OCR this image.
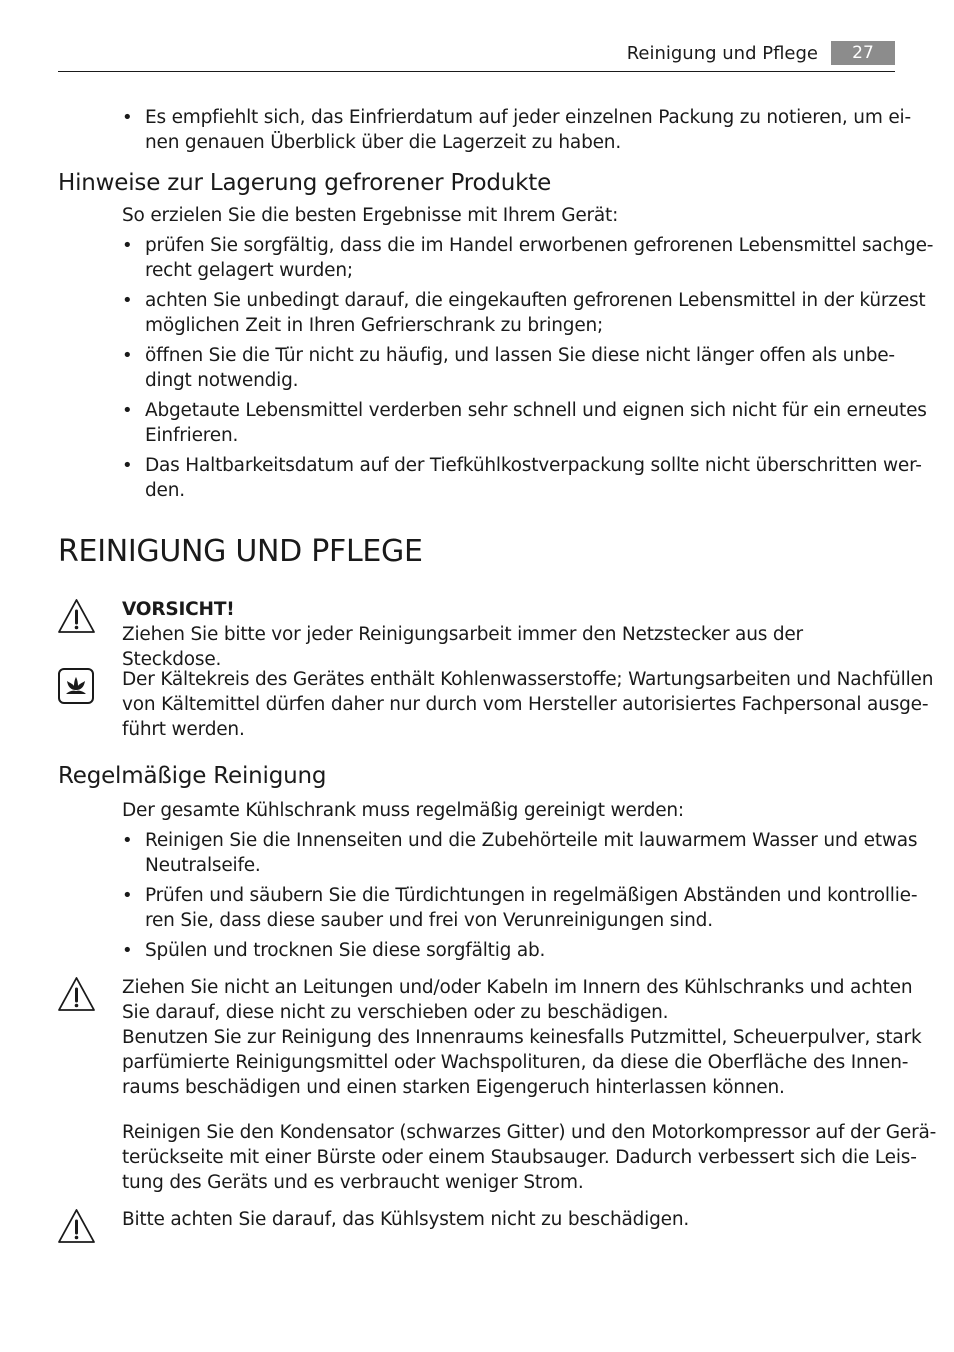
Reinigung und Pflege	27
• Es empfiehlt sich, das Einfrierdatum auf jeder einzelnen Packung zu notieren, um ei-
nen genauen Überblick über die Lagerzeit zu haben.
Hinweise zur Lagerung gefrorener Produkte

So erzielen Sie die besten Ergebnisse mit Ihrem Gerät:

• prüfen Sie sorgfältig, dass die im Handel erworbenen gefrorenen Lebensmittel sachge-
recht gelagert wurden;
• achten Sie unbedingt darauf, die eingekauften gefrorenen Lebensmittel in der kürzest
möglichen Zeit in Ihren Gefrierschrank zu bringen;
• öffnen Sie die Tür nicht zu häufig, und lassen Sie diese nicht länger offen als unbe-
dingt notwendig.
• Abgetaute Lebensmittel verderben sehr schnell und eignen sich nicht für ein erneutes
Einfrieren.
• Das Haltbarkeitsdatum auf der Tiefkühlkostverpackung sollte nicht überschritten wer-
den.
REINIGUNG UND PFLEGE

VORSICHT!

Ziehen Sie bitte vor jeder Reinigungsarbeit immer den Netzstecker aus der Steckdose.

Der Kältekreis des Gerätes enthält Kohlenwasserstoffe; Wartungsarbeiten und Nachfüllen
von Kältemittel dürfen daher nur durch vom Hersteller autorisiertes Fachpersonal ausge-
führt werden.

Regelmäßige Reinigung

Der gesamte Kühlschrank muss regelmäßig gereinigt werden:

• Reinigen Sie die Innenseiten und die Zubehörteile mit lauwarmem Wasser und etwas
Neutralseife.
• Prüfen und säubern Sie die Türdichtungen in regelmäßigen Abständen und kontrollie-
ren Sie, dass diese sauber und frei von Verunreinigungen sind.
• Spülen und trocknen Sie diese sorgfältig ab.

Ziehen Sie nicht an Leitungen und/oder Kabeln im Innern des Kühlschranks und achten
Sie darauf, diese nicht zu verschieben oder zu beschädigen.
Benutzen Sie zur Reinigung des Innenraums keinesfalls Putzmittel, Scheuerpulver, stark
parfümierte Reinigungsmittel oder Wachspolituren, da diese die Oberfläche des Innen-
raums beschädigen und einen starken Eigengeruch hinterlassen können.

Reinigen Sie den Kondensator (schwarzes Gitter) und den Motorkompressor auf der Gerä-
terückseite mit einer Bürste oder einem Staubsauger. Dadurch verbessert sich die Leis-
tung des Geräts und es verbraucht weniger Strom.

Bitte achten Sie darauf, das Kühlsystem nicht zu beschädigen.
